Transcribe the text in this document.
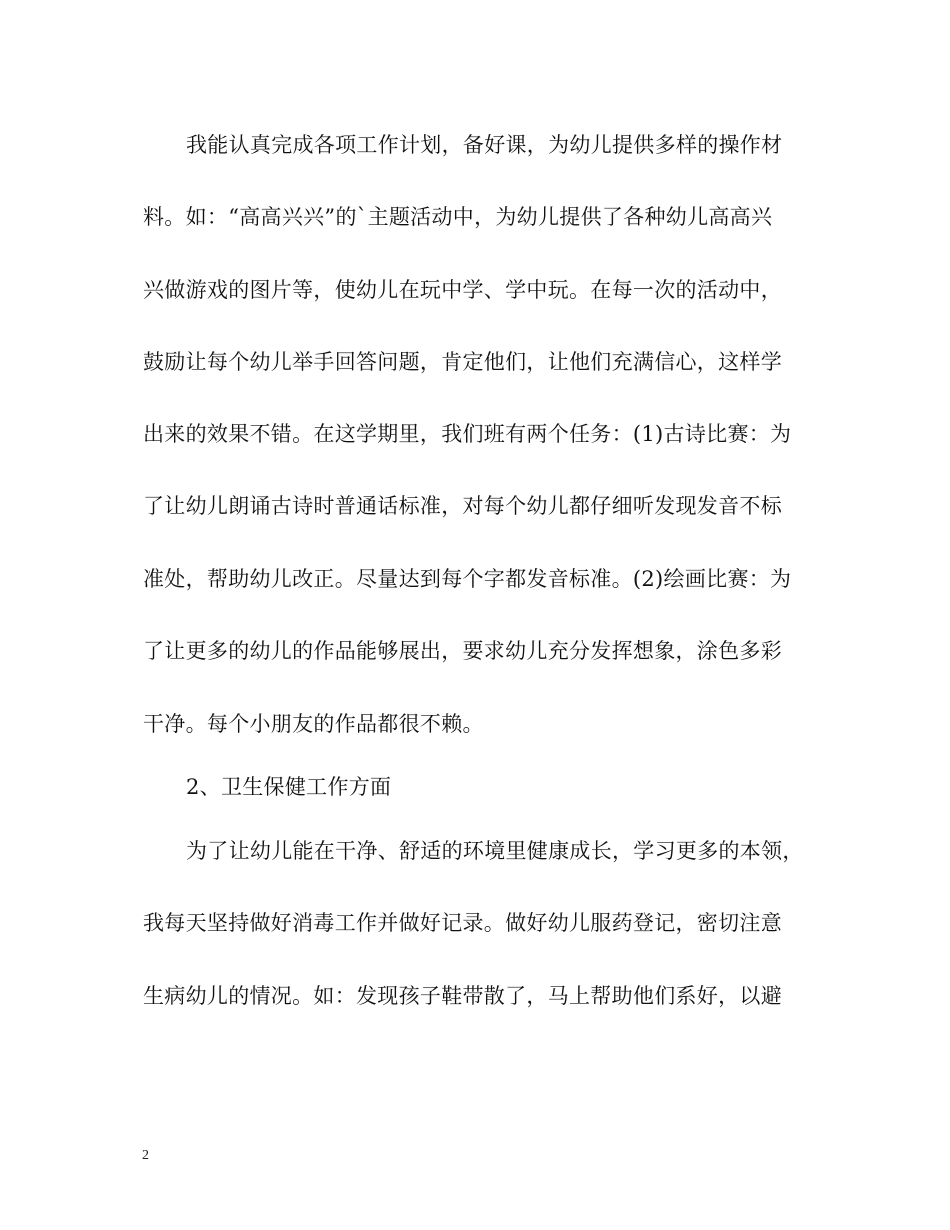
我能认真完成各项工作计划，备好课，为幼儿提供多样的操作材
料。如：“高高兴兴”的`主题活动中，为幼儿提供了各种幼儿高高兴
兴做游戏的图片等，使幼儿在玩中学、学中玩。在每一次的活动中，
鼓励让每个幼儿举手回答问题，肯定他们，让他们充满信心，这样学
出来的效果不错。在这学期里，我们班有两个任务：(1)古诗比赛：为
了让幼儿朗诵古诗时普通话标准，对每个幼儿都仔细听发现发音不标
准处，帮助幼儿改正。尽量达到每个字都发音标准。(2)绘画比赛：为
了让更多的幼儿的作品能够展出，要求幼儿充分发挥想象，涂色多彩
干净。每个小朋友的作品都很不赖。
2、卫生保健工作方面
为了让幼儿能在干净、舒适的环境里健康成长，学习更多的本领，
我每天坚持做好消毒工作并做好记录。做好幼儿服药登记，密切注意
生病幼儿的情况。如：发现孩子鞋带散了，马上帮助他们系好，以避
2
